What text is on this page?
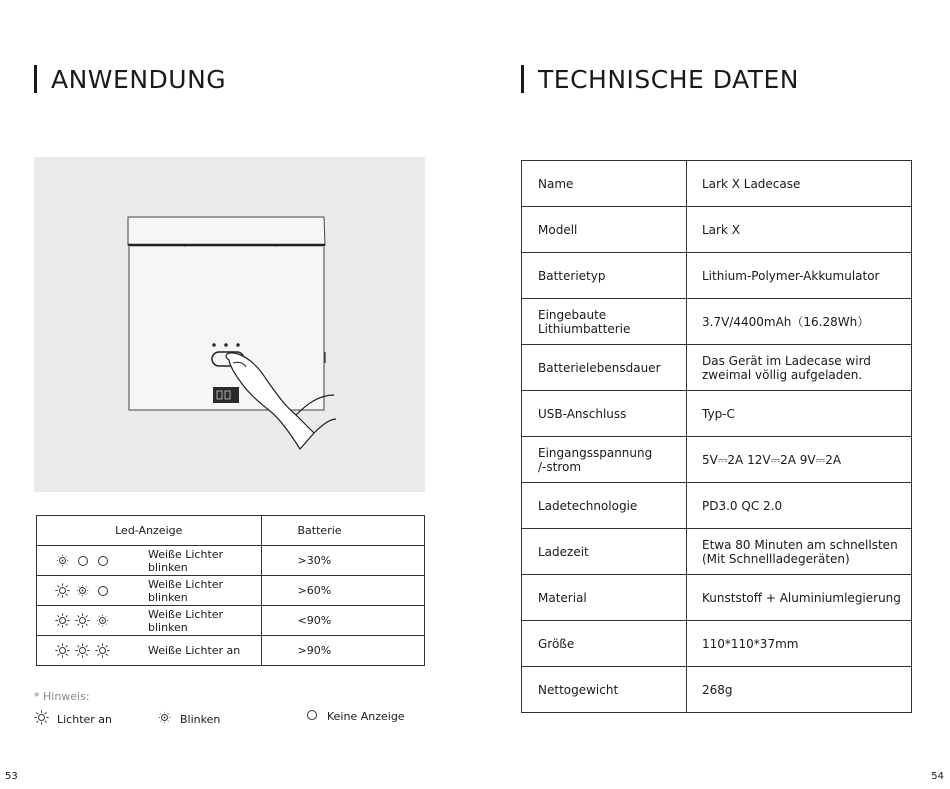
ANWENDUNG
Led-Anzeige	Batterie

Weiße Lichter blinken	>30%

Weiße Lichter blinken	>60%

Weiße Lichter blinken	<90%

Weiße Lichter an	>90%
* Hinweis:
Lichter an	Blinken	Keine Anzeige
53
TECHNISCHE DATEN
Name	Lark X Ladecase
Modell	Lark X
Batterietyp	Lithium-Polymer-Akkumulator
Eingebaute
Lithiumbatterie	3.7V/4400mAh（16.28Wh）
Batterielebensdauer	Das Gerät im Ladecase wird
zweimal völlig aufgeladen.
USB-Anschluss	Typ-C
Eingangsspannung
/-strom	5V⎓2A 12V⎓2A 9V⎓2A
Ladetechnologie	PD3.0 QC 2.0
Ladezeit	Etwa 80 Minuten am schnellsten
(Mit Schnellladegeräten)
Material	Kunststoff + Aluminiumlegierung
Größe	110*110*37mm
Nettogewicht	268g
54
